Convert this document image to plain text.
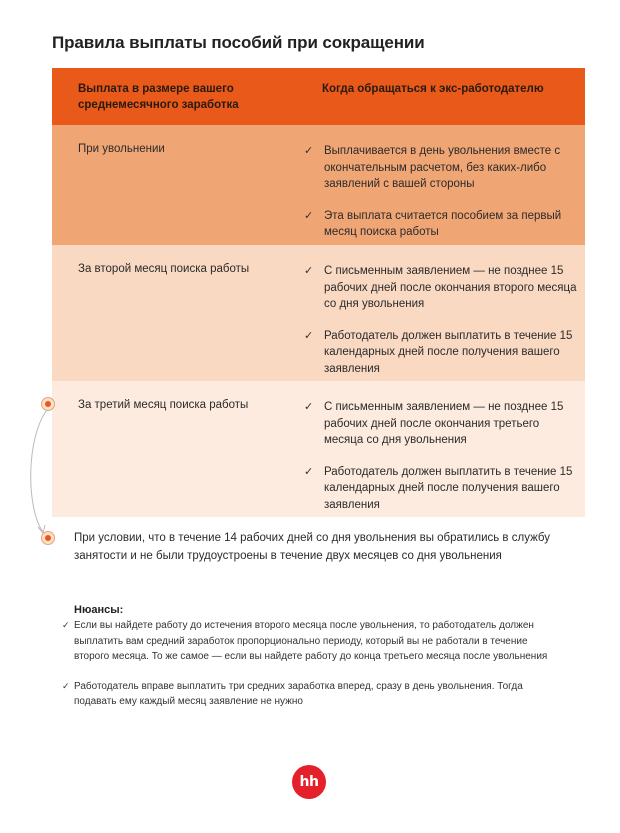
Правила выплаты пособий при сокращении
Выплата в размере вашего среднемесячного заработка
Когда обращаться к экс-работодателю
При увольнении	✓ Выплачивается в день увольнения вместе с окончательным расчетом, без каких-либо заявлений с вашей стороны
✓ Эта выплата считается пособием за первый месяц поиска работы
За второй месяц поиска работы	✓ С письменным заявлением — не позднее 15 рабочих дней после окончания второго месяца со дня увольнения
✓ Работодатель должен выплатить в течение 15 календарных дней после получения вашего заявления
За третий месяц поиска работы	✓ С письменным заявлением — не позднее 15 рабочих дней после окончания третьего месяца со дня увольнения
✓ Работодатель должен выплатить в течение 15 календарных дней после получения вашего заявления
При условии, что в течение 14 рабочих дней со дня увольнения вы обратились в службу занятости и не были трудоустроены в течение двух месяцев со дня увольнения
Нюансы:
✓ Если вы найдете работу до истечения второго месяца после увольнения, то работодатель должен выплатить вам средний заработок пропорционально периоду, который вы не работали в течение второго месяца. То же самое — если вы найдете работу до конца третьего месяца после увольнения
✓ Работодатель вправе выплатить три средних заработка вперед, сразу в день увольнения. Тогда подавать ему каждый месяц заявление не нужно
hh
